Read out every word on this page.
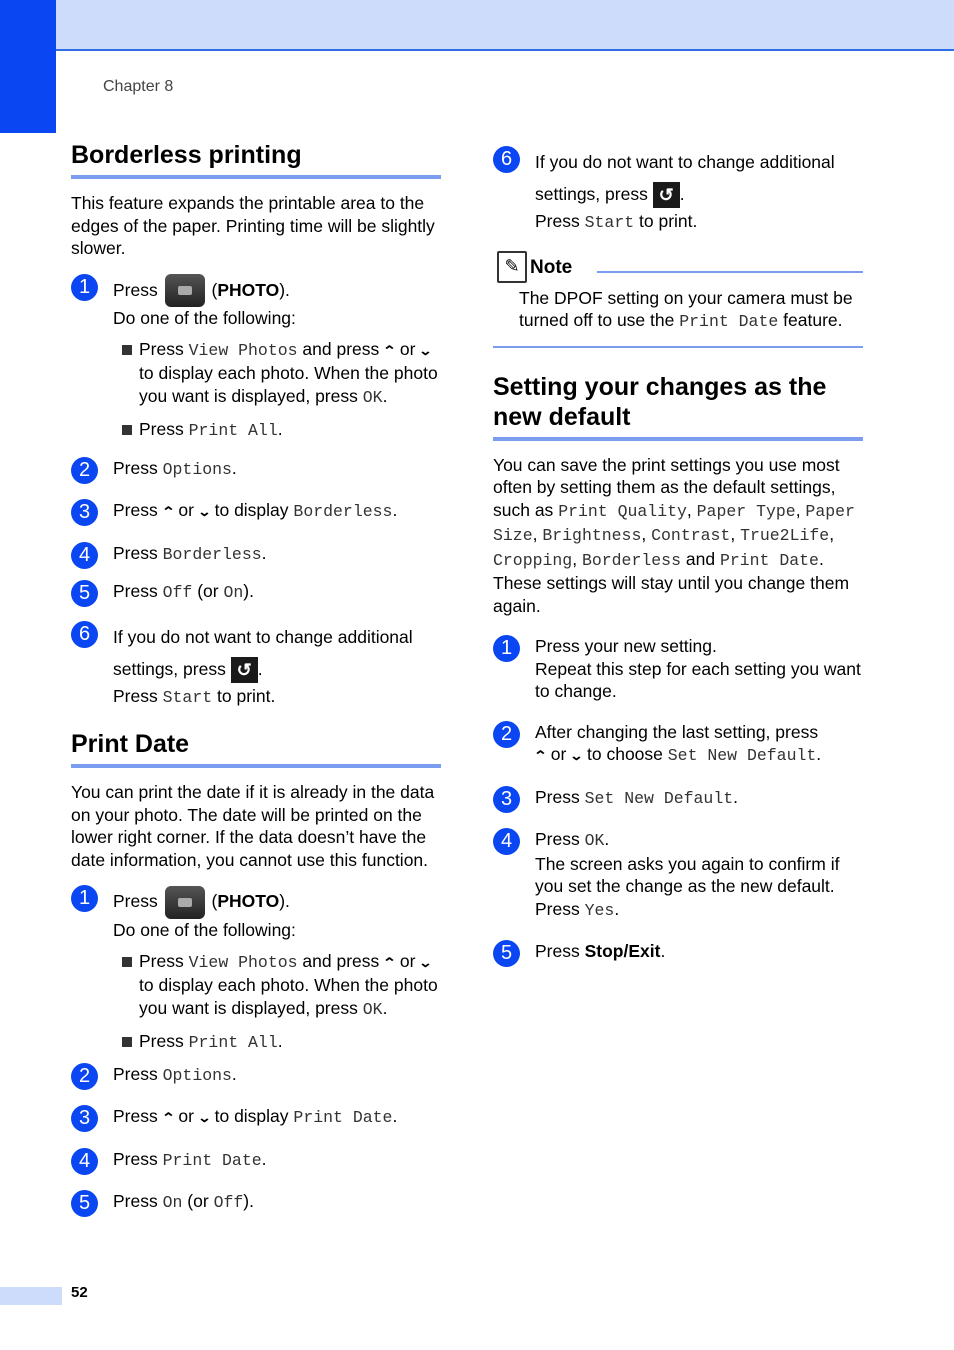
Chapter 8
Borderless printing

This feature expands the printable area to the edges of the paper. Printing time will be slightly slower.

1	Press	(PHOTO).
Do one of the following:
Press View Photos and press ⌃ or ⌄ to display each photo. When the photo you want is displayed, press OK.
Press Print All.
2	Press Options.
3	Press ⌃ or ⌄ to display Borderless.
4	Press Borderless.
5	Press Off (or On).
6	If you do not want to change additional settings, press ↺ .
Press Start to print.
Print Date

You can print the date if it is already in the data on your photo. The date will be printed on the lower right corner. If the data doesn’t have the date information, you cannot use this function.

1	Press	(PHOTO).
Do one of the following:
Press View Photos and press ⌃ or ⌄ to display each photo. When the photo you want is displayed, press OK.
Press Print All.
2	Press Options.
3	Press ⌃ or ⌄ to display Print Date.
4	Press Print Date.
5	Press On (or Off).
6	If you do not want to change additional settings, press ↺ .
Press Start to print.
✎ Note
The DPOF setting on your camera must be turned off to use the Print Date feature.
Setting your changes as the new default

You can save the print settings you use most often by setting them as the default settings, such as Print Quality, Paper Type, Paper Size, Brightness, Contrast, True2Life, Cropping, Borderless and Print Date. These settings will stay until you change them again.

1	Press your new setting.
Repeat this step for each setting you want to change.
2	After changing the last setting, press
⌃ or ⌄ to choose Set New Default.
3	Press Set New Default.
4	Press OK.
The screen asks you again to confirm if you set the change as the new default.
Press Yes.
5	Press Stop/Exit.
52
